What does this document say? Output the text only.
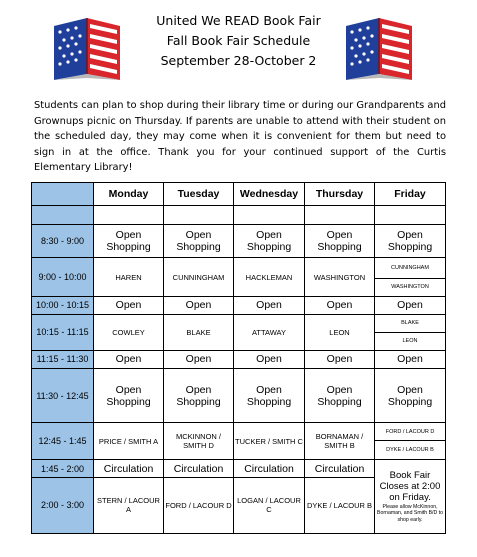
United We READ Book Fair
Fall Book Fair Schedule
September 28-October 2

Students can plan to shop during their library time or during our Grandparents and Grownups picnic on Thursday. If parents are unable to attend with their student on the scheduled day, they may come when it is convenient for them but need to sign in at the office. Thank you for your continued support of the Curtis Elementary Library!

	Monday	Tuesday	Wednesday	Thursday	Friday

8:30 - 9:00	Open Shopping	Open Shopping	Open Shopping	Open Shopping	Open Shopping
9:00 - 10:00	HAREN	CUNNINGHAM	HACKLEMAN	WASHINGTON	CUNNINGHAM
					WASHINGTON
10:00 - 10:15	Open	Open	Open	Open	Open
10:15 - 11:15	COWLEY	BLAKE	ATTAWAY	LEON	BLAKE
					LEON
11:15 - 11:30	Open	Open	Open	Open	Open
11:30 - 12:45	Open Shopping	Open Shopping	Open Shopping	Open Shopping	Open Shopping
12:45 - 1:45	PRICE / SMITH A	MCKINNON / SMITH D	TUCKER / SMITH C	BORNAMAN / SMITH B	FORD / LACOUR D
					DYKE / LACOUR B
1:45 - 2:00	Circulation	Circulation	Circulation	Circulation	Book Fair Closes at 2:00 on Friday.
Please allow McKinnon, Bornaman, and Smith B/D to shop early.

2:00 - 3:00	STERN / LACOUR A	FORD / LACOUR D	LOGAN / LACOUR C	DYKE / LACOUR B	
